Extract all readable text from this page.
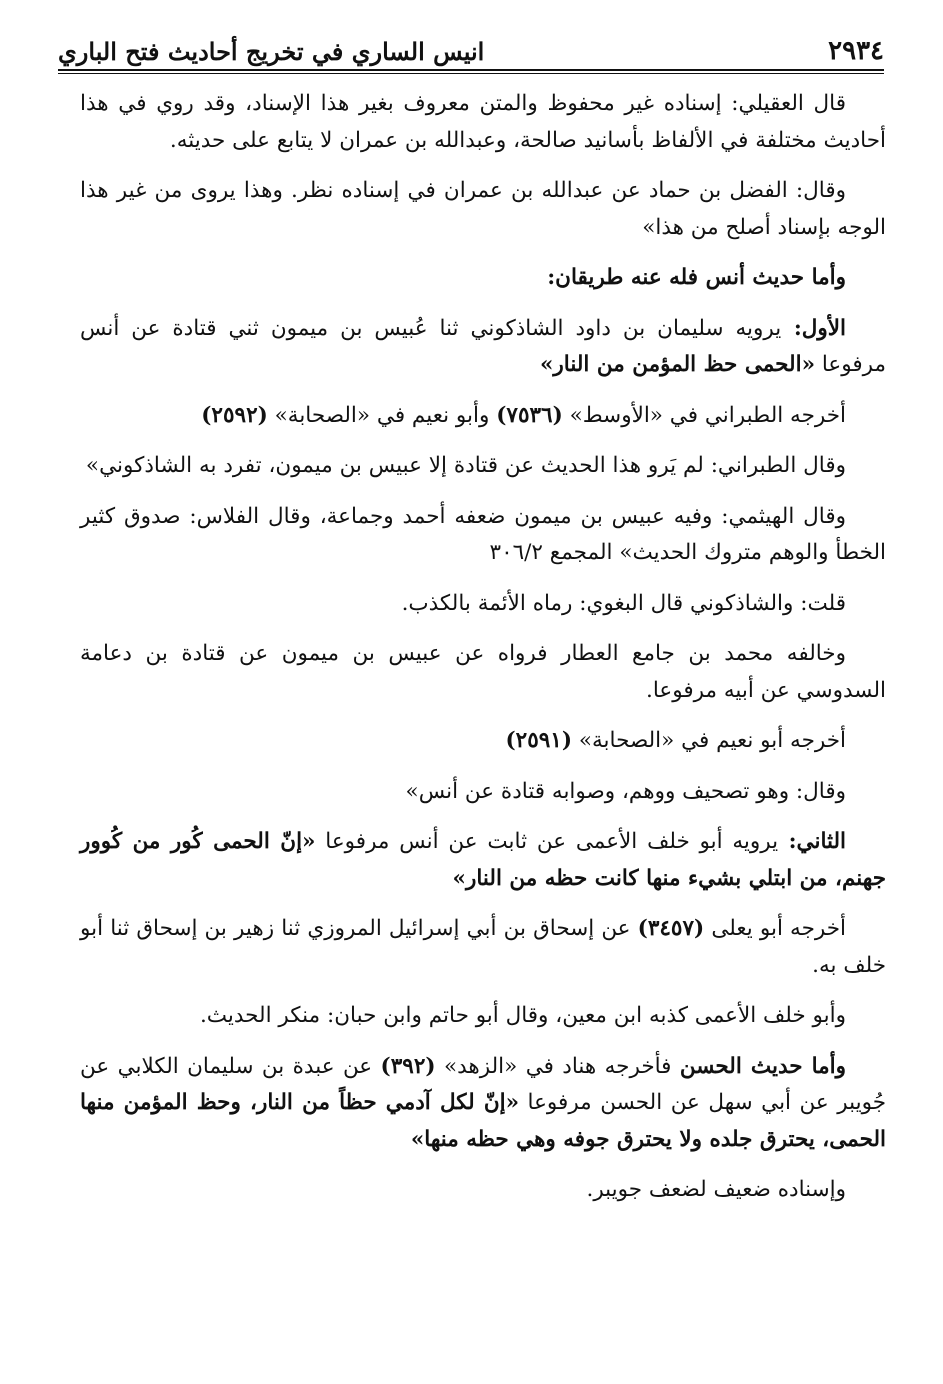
انيس الساري في تخريج أحاديث فتح الباري	٢٩٣٤

قال العقيلي: إسناده غير محفوظ والمتن معروف بغير هذا الإسناد، وقد روي في هذا أحاديث مختلفة في الألفاظ بأسانيد صالحة، وعبدالله بن عمران لا يتابع على حديثه.

وقال: الفضل بن حماد عن عبدالله بن عمران في إسناده نظر. وهذا يروى من غير هذا الوجه بإسناد أصلح من هذا»

وأما حديث أنس فله عنه طريقان:

الأول: يرويه سليمان بن داود الشاذكوني ثنا عُبيس بن ميمون ثني قتادة عن أنس مرفوعا «الحمى حظ المؤمن من النار»

أخرجه الطبراني في «الأوسط» (٧٥٣٦) وأبو نعيم في «الصحابة» (٢٥٩٢)

وقال الطبراني: لم يَرو هذا الحديث عن قتادة إلا عبيس بن ميمون، تفرد به الشاذكوني»

وقال الهيثمي: وفيه عبيس بن ميمون ضعفه أحمد وجماعة، وقال الفلاس: صدوق كثير الخطأ والوهم متروك الحديث» المجمع ٣٠٦/٢

قلت: والشاذكوني قال البغوي: رماه الأئمة بالكذب.

وخالفه محمد بن جامع العطار فرواه عن عبيس بن ميمون عن قتادة بن دعامة السدوسي عن أبيه مرفوعا.

أخرجه أبو نعيم في «الصحابة» (٢٥٩١)

وقال: وهو تصحيف ووهم، وصوابه قتادة عن أنس»

الثاني: يرويه أبو خلف الأعمى عن ثابت عن أنس مرفوعا «إنّ الحمى كُور من كُوور جهنم، من ابتلي بشيء منها كانت حظه من النار»

أخرجه أبو يعلى (٣٤٥٧) عن إسحاق بن أبي إسرائيل المروزي ثنا زهير بن إسحاق ثنا أبو خلف به.

وأبو خلف الأعمى كذبه ابن معين، وقال أبو حاتم وابن حبان: منكر الحديث.

وأما حديث الحسن فأخرجه هناد في «الزهد» (٣٩٢) عن عبدة بن سليمان الكلابي عن جُويبر عن أبي سهل عن الحسن مرفوعا «إنّ لكل آدمي حظاً من النار، وحظ المؤمن منها الحمى، يحترق جلده ولا يحترق جوفه وهي حظه منها»

وإسناده ضعيف لضعف جويبر.
